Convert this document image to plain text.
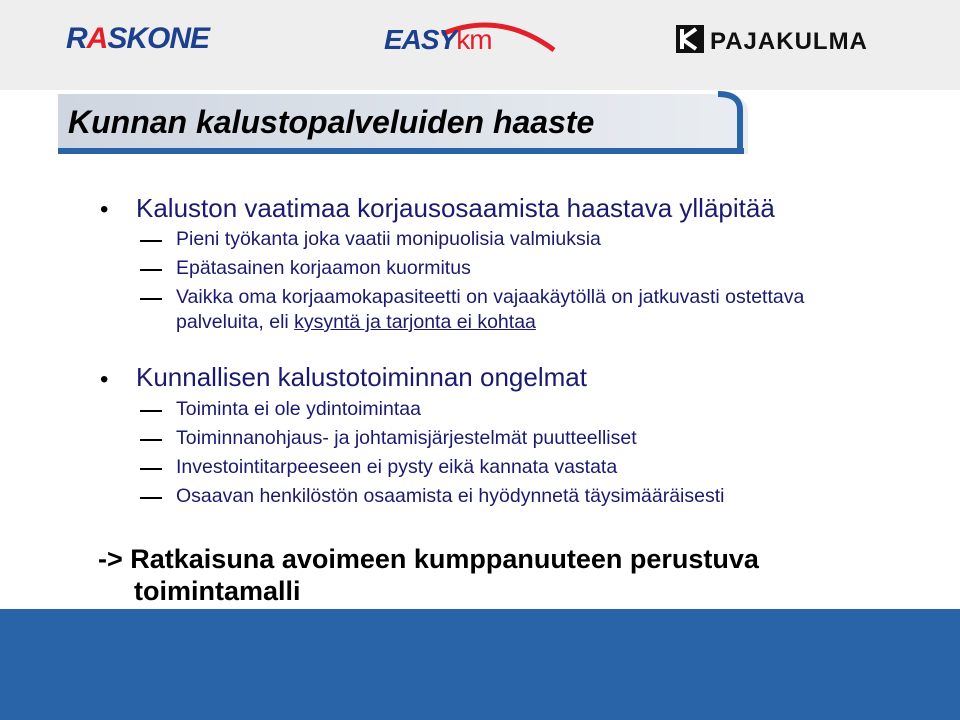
RASKONE	EASYkm	PAJAKULMA
Kunnan kalustopalveluiden haaste
• Kaluston vaatimaa korjausosaamista haastava ylläpitää
Pieni työkanta joka vaatii monipuolisia valmiuksia
Epätasainen korjaamon kuormitus
Vaikka oma korjaamokapasiteetti on vajaakäytöllä on jatkuvasti ostettava
palveluita, eli kysyntä ja tarjonta ei kohtaa
• Kunnallisen kalustotoiminnan ongelmat
Toiminta ei ole ydintoimintaa
Toiminnanohjaus- ja johtamisjärjestelmät puutteelliset
Investointitarpeeseen ei pysty eikä kannata vastata
Osaavan henkilöstön osaamista ei hyödynnetä täysimääräisesti
-> Ratkaisuna avoimeen kumppanuuteen perustuva
toimintamalli
